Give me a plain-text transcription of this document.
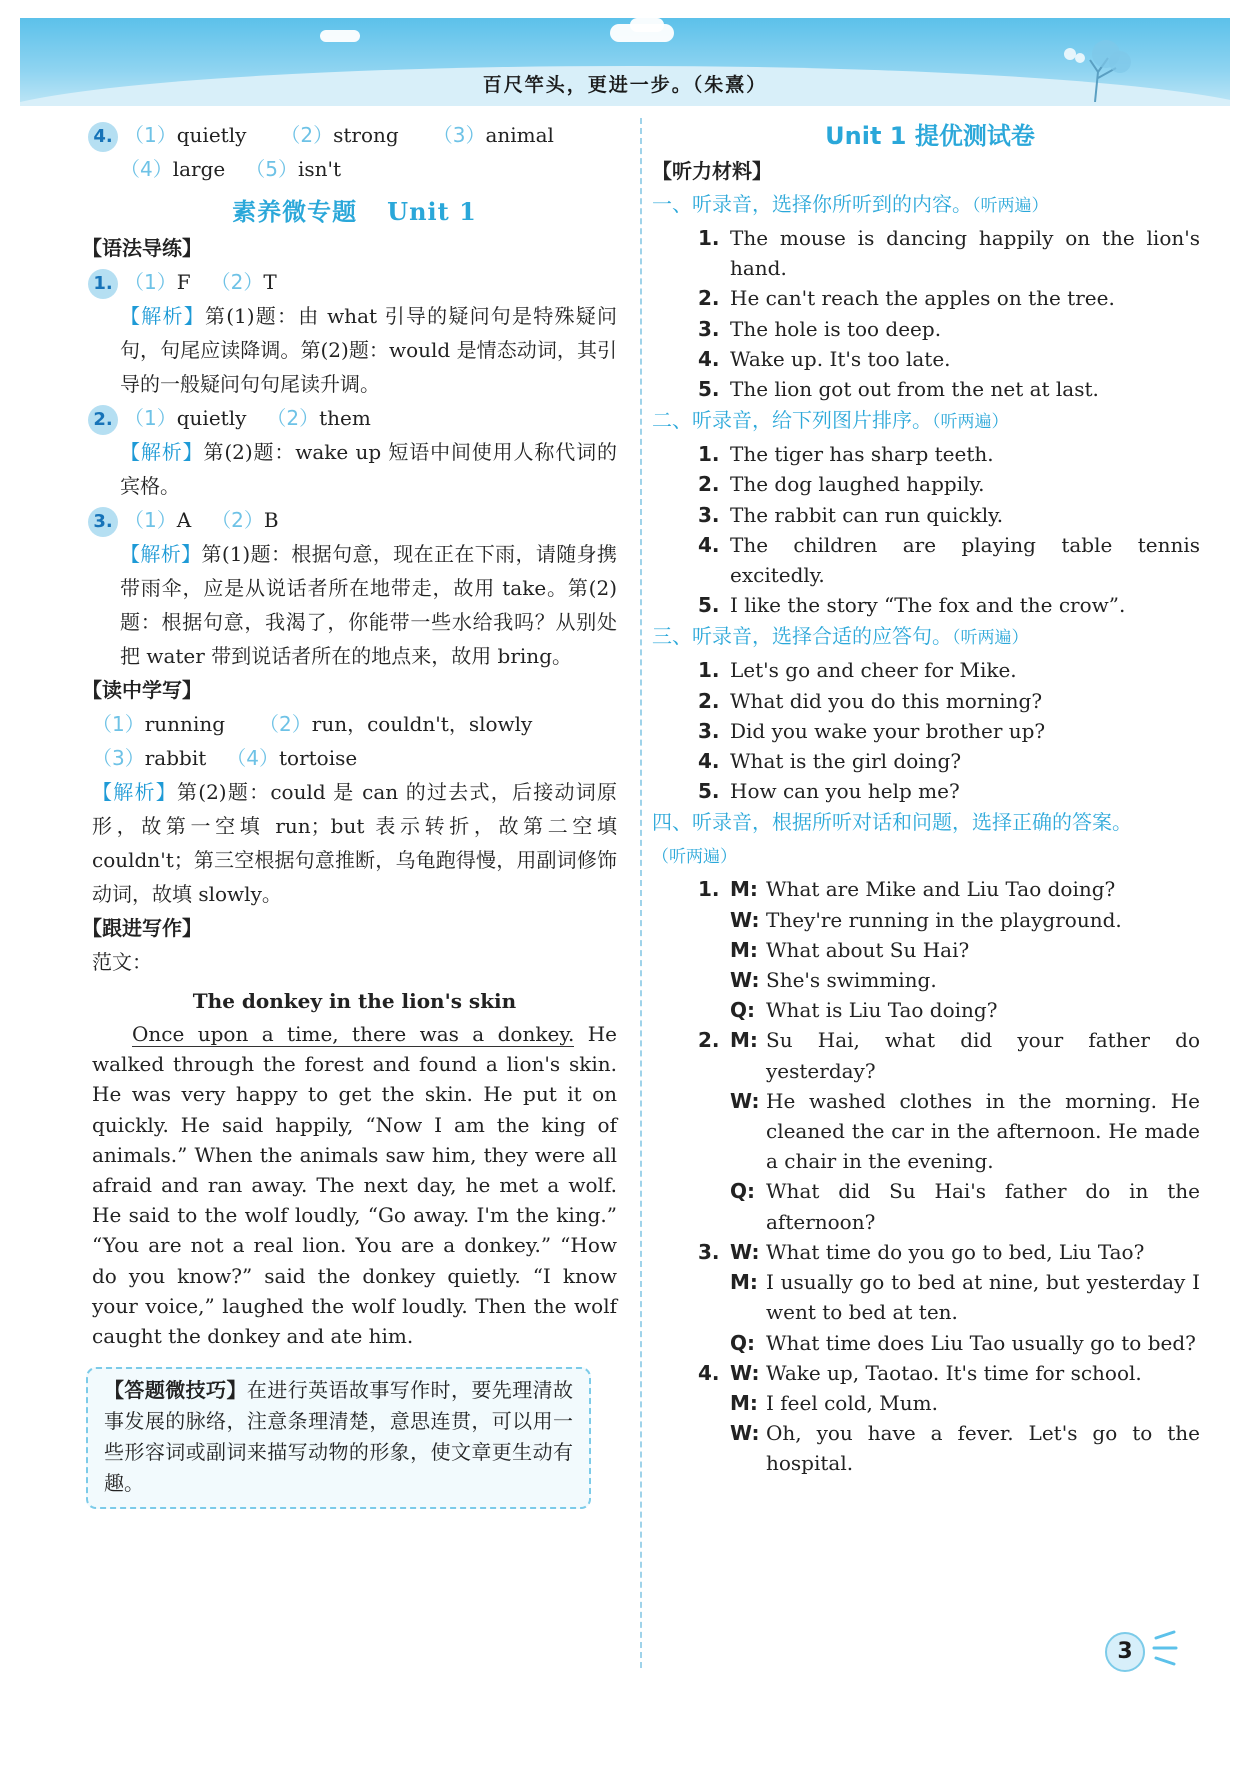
百尺竿头，更进一步。（朱熹）
4. （1）quietly （2）strong （3）animal
（4）large （5）isn't
素养微专题 Unit 1
【语法导练】
1. （1）F （2）T
【解析】第(1)题：由 what 引导的疑问句是特殊疑问句，句尾应读降调。第(2)题：would 是情态动词，其引导的一般疑问句句尾读升调。
2. （1）quietly （2）them
【解析】第(2)题：wake up 短语中间使用人称代词的宾格。
3. （1）A （2）B
【解析】第(1)题：根据句意，现在正在下雨，请随身携带雨伞，应是从说话者所在地带走，故用 take。第(2)题：根据句意，我渴了，你能带一些水给我吗？从别处把 water 带到说话者所在的地点来，故用 bring。
【读中学写】
（1）running （2）run，couldn't，slowly
（3）rabbit （4）tortoise
【解析】第(2)题：could 是 can 的过去式，后接动词原形，故第一空填 run；but 表示转折，故第二空填 couldn't；第三空根据句意推断，乌龟跑得慢，用副词修饰动词，故填 slowly。
【跟进写作】
范文：
The donkey in the lion's skin

Once upon a time, there was a donkey. He walked through the forest and found a lion's skin. He was very happy to get the skin. He put it on quickly. He said happily, “Now I am the king of animals.” When the animals saw him, they were all afraid and ran away. The next day, he met a wolf. He said to the wolf loudly, “Go away. I'm the king.” “You are not a real lion. You are a donkey.” “How do you know?” said the donkey quietly. “I know your voice,” laughed the wolf loudly. Then the wolf caught the donkey and ate him.

【答题微技巧】在进行英语故事写作时，要先理清故事发展的脉络，注意条理清楚，意思连贯，可以用一些形容词或副词来描写动物的形象，使文章更生动有趣。
Unit 1 提优测试卷
【听力材料】
一、听录音，选择你所听到的内容。（听两遍）
1. The mouse is dancing happily on the lion's hand.
2. He can't reach the apples on the tree.
3. The hole is too deep.
4. Wake up. It's too late.
5. The lion got out from the net at last.
二、听录音，给下列图片排序。（听两遍）
1. The tiger has sharp teeth.
2. The dog laughed happily.
3. The rabbit can run quickly.
4. The children are playing table tennis excitedly.
5. I like the story “The fox and the crow”.
三、听录音，选择合适的应答句。（听两遍）
1. Let's go and cheer for Mike.
2. What did you do this morning?
3. Did you wake your brother up?
4. What is the girl doing?
5. How can you help me?
四、听录音，根据所听对话和问题，选择正确的答案。（听两遍）
1. M: What are Mike and Liu Tao doing?
W: They're running in the playground.
M: What about Su Hai?
W: She's swimming.
Q: What is Liu Tao doing?
2. M: Su Hai, what did your father do yesterday?
W: He washed clothes in the morning. He cleaned the car in the afternoon. He made a chair in the evening.
Q: What did Su Hai's father do in the afternoon?
3. W: What time do you go to bed, Liu Tao?
M: I usually go to bed at nine, but yesterday I went to bed at ten.
Q: What time does Liu Tao usually go to bed?
4. W: Wake up, Taotao. It's time for school.
M: I feel cold, Mum.
W: Oh, you have a fever. Let's go to the hospital.
3
